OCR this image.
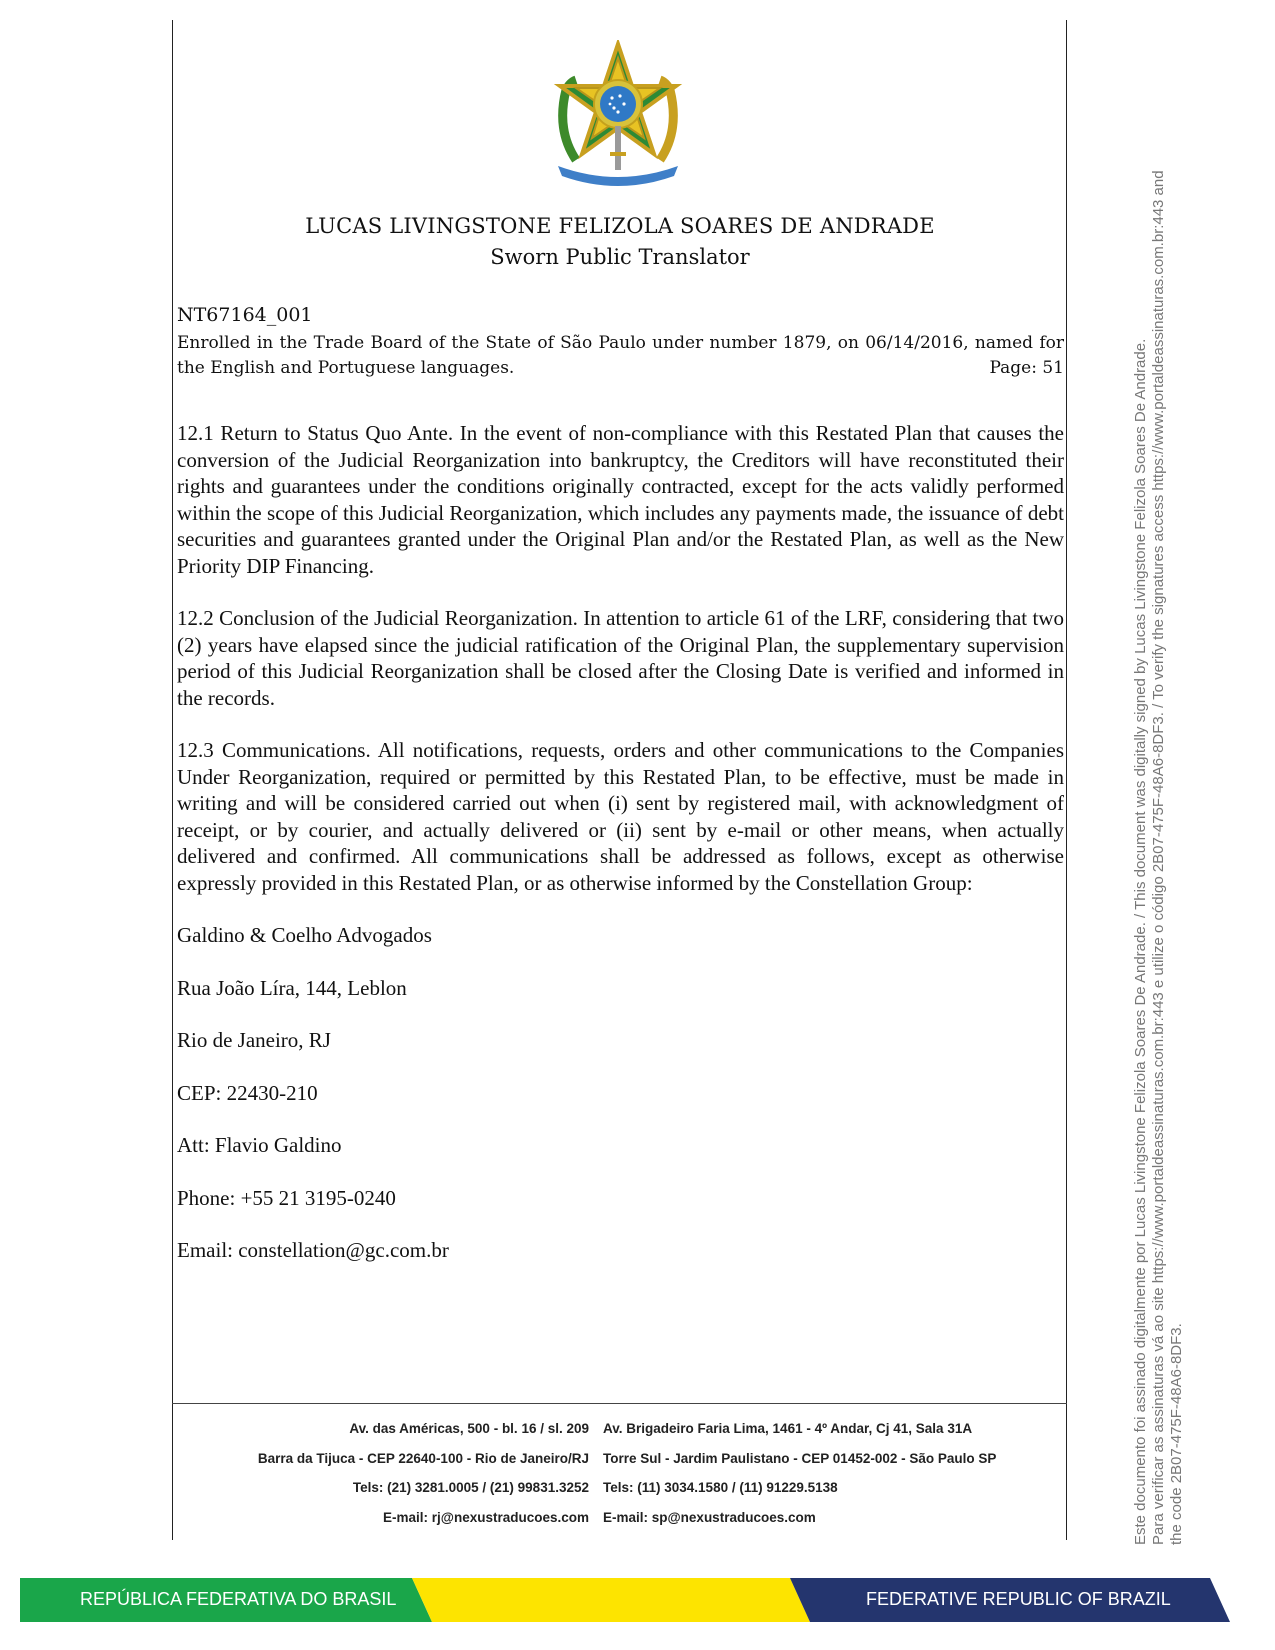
LUCAS LIVINGSTONE FELIZOLA SOARES DE ANDRADE
Sworn Public Translator
NT67164_001
Page: 51
Enrolled in the Trade Board of the State of São Paulo under number 1879, on 06/14/2016, named for the English and Portuguese languages.

12.1 Return to Status Quo Ante. In the event of non-compliance with this Restated Plan that causes the conversion of the Judicial Reorganization into bankruptcy, the Creditors will have reconstituted their rights and guarantees under the conditions originally contracted, except for the acts validly performed within the scope of this Judicial Reorganization, which includes any payments made, the issuance of debt securities and guarantees granted under the Original Plan and/or the Restated Plan, as well as the New Priority DIP Financing.

12.2 Conclusion of the Judicial Reorganization. In attention to article 61 of the LRF, considering that two (2) years have elapsed since the judicial ratification of the Original Plan, the supplementary supervision period of this Judicial Reorganization shall be closed after the Closing Date is verified and informed in the records.

12.3 Communications. All notifications, requests, orders and other communications to the Companies Under Reorganization, required or permitted by this Restated Plan, to be effective, must be made in writing and will be considered carried out when (i) sent by registered mail, with acknowledgment of receipt, or by courier, and actually delivered or (ii) sent by e-mail or other means, when actually delivered and confirmed. All communications shall be addressed as follows, except as otherwise expressly provided in this Restated Plan, or as otherwise informed by the Constellation Group:

Galdino & Coelho Advogados

Rua João Líra, 144, Leblon

Rio de Janeiro, RJ

CEP: 22430-210

Att: Flavio Galdino

Phone: +55 21 3195-0240

Email: constellation@gc.com.br

Av. das Américas, 500 - bl. 16 / sl. 209
Barra da Tijuca - CEP 22640-100 - Rio de Janeiro/RJ
Tels: (21) 3281.0005 / (21) 99831.3252
E-mail: rj@nexustraducoes.com
Av. Brigadeiro Faria Lima, 1461 - 4º Andar, Cj 41, Sala 31A
Torre Sul - Jardim Paulistano - CEP 01452-002 - São Paulo SP
Tels: (11) 3034.1580 / (11) 91229.5138
E-mail: sp@nexustraducoes.com	Este documento foi assinado digitalmente por Lucas Livingstone Felizola Soares De Andrade. / This document was digitally signed by Lucas Livingstone Felizola Soares De Andrade. Para verificar as assinaturas vá ao site https://www.portaldeassinaturas.com.br:443 e utilize o código 2B07-475F-48A6-8DF3. / To verify the signatures access https://www.portaldeassinaturas.com.br:443 and the code 2B07-475F-48A6-8DF3.
REPÚBLICA FEDERATIVA DO BRASIL	FEDERATIVE REPUBLIC OF BRAZIL
